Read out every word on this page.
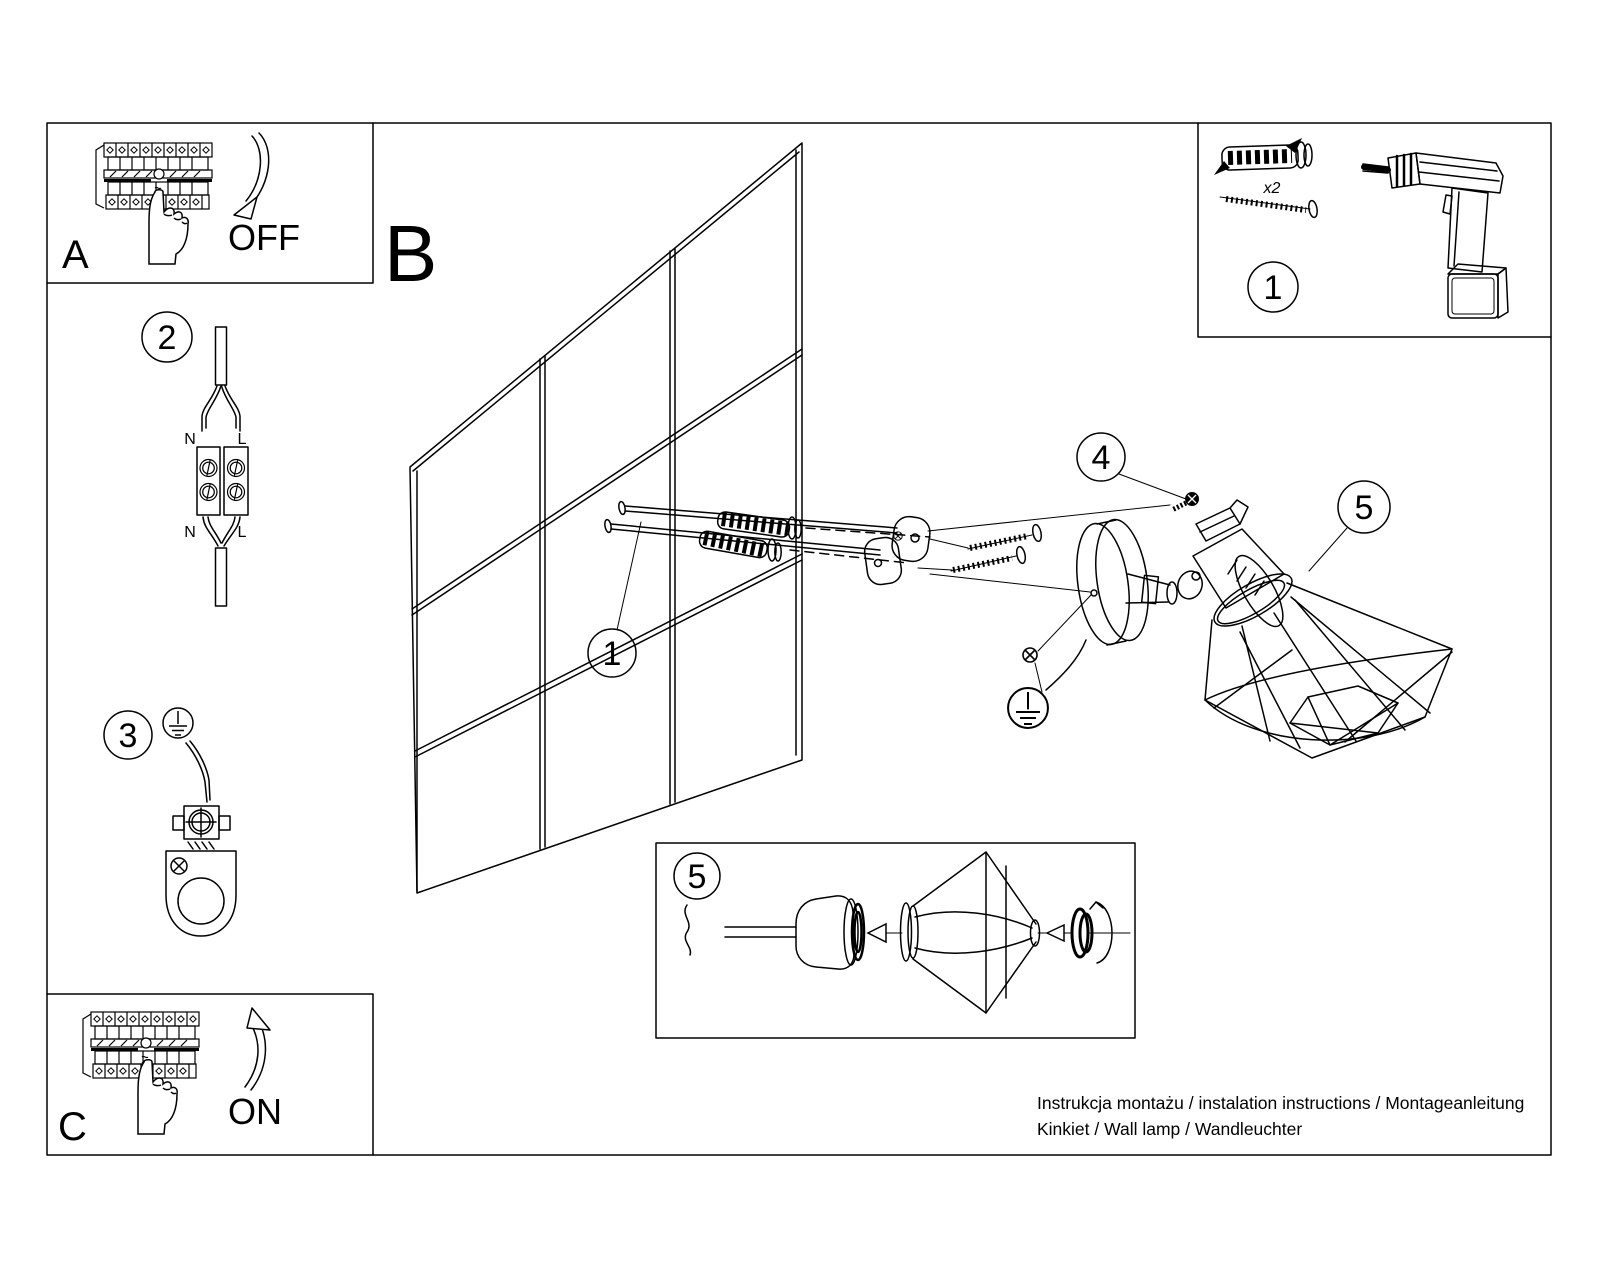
OFF
A
2
N	L
N	L
3
ON
C
B
1
4
5
x2
1
5
Instrukcja montażu / instalation instructions / Montageanleitung
Kinkiet / Wall lamp / Wandleuchter
